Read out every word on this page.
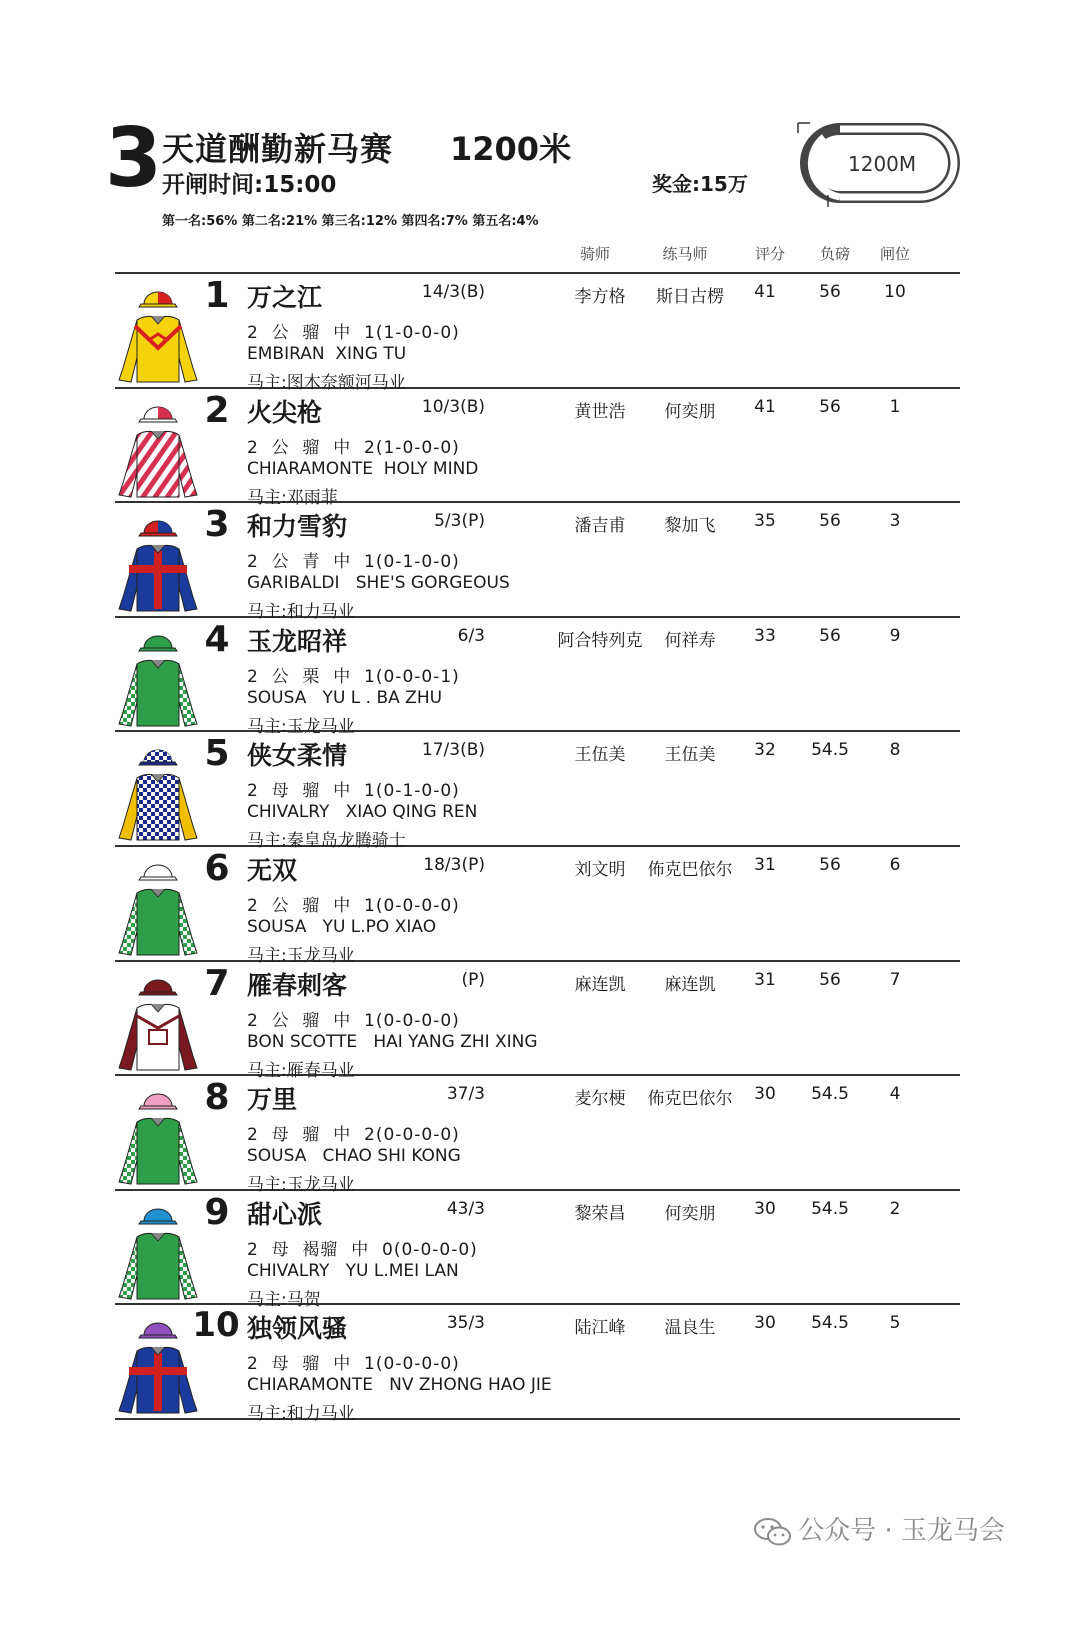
3 天道酬勤新马赛 1200米
开闸时间:15:00	奖金:15万
第一名:56% 第二名:21% 第三名:12% 第四名:7% 第五名:4%
1200M
骑师	练马师	评分	负磅	闸位
1 万之江	14/3(B)
2  公  骝  中  1(1-0-0-0)
EMBIRAN  XING TU
马主:图木奈额河马业
李方格	斯日古楞	41	56	10
2 火尖枪	10/3(B)
2  公  骝  中  2(1-0-0-0)
CHIARAMONTE  HOLY MIND
马主:邓雨菲
黄世浩	何奕朋	41	56	1
3 和力雪豹	5/3(P)
2  公  青  中  1(0-1-0-0)
GARIBALDI   SHE'S GORGEOUS
马主:和力马业
潘吉甫	黎加飞	35	56	3
4 玉龙昭祥	6/3
2  公  栗  中  1(0-0-0-1)
SOUSA   YU L . BA ZHU
马主:玉龙马业
阿合特列克	何祥寿	33	56	9
5 侠女柔情	17/3(B)
2  母  骝  中  1(0-1-0-0)
CHIVALRY   XIAO QING REN
马主:秦皇岛龙腾骑士
王伍美	王伍美	32	54.5	8
6 无双	18/3(P)
2  公  骝  中  1(0-0-0-0)
SOUSA   YU L.PO XIAO
马主:玉龙马业
刘文明	佈克巴依尔	31	56	6
7 雁春刺客	(P)
2  公  骝  中  1(0-0-0-0)
BON SCOTTE   HAI YANG ZHI XING
马主:雁春马业
麻连凯	麻连凯	31	56	7
8 万里	37/3
2  母  骝  中  2(0-0-0-0)
SOUSA   CHAO SHI KONG
马主:玉龙马业
麦尔梗	佈克巴依尔	30	54.5	4
9 甜心派	43/3
2  母  褐骝  中  0(0-0-0-0)
CHIVALRY   YU L.MEI LAN
马主:马贺
黎荣昌	何奕朋	30	54.5	2
10 独领风骚	35/3
2  母  骝  中  1(0-0-0-0)
CHIARAMONTE   NV ZHONG HAO JIE
马主:和力马业
陆江峰	温良生	30	54.5	5
公众号 · 玉龙马会
